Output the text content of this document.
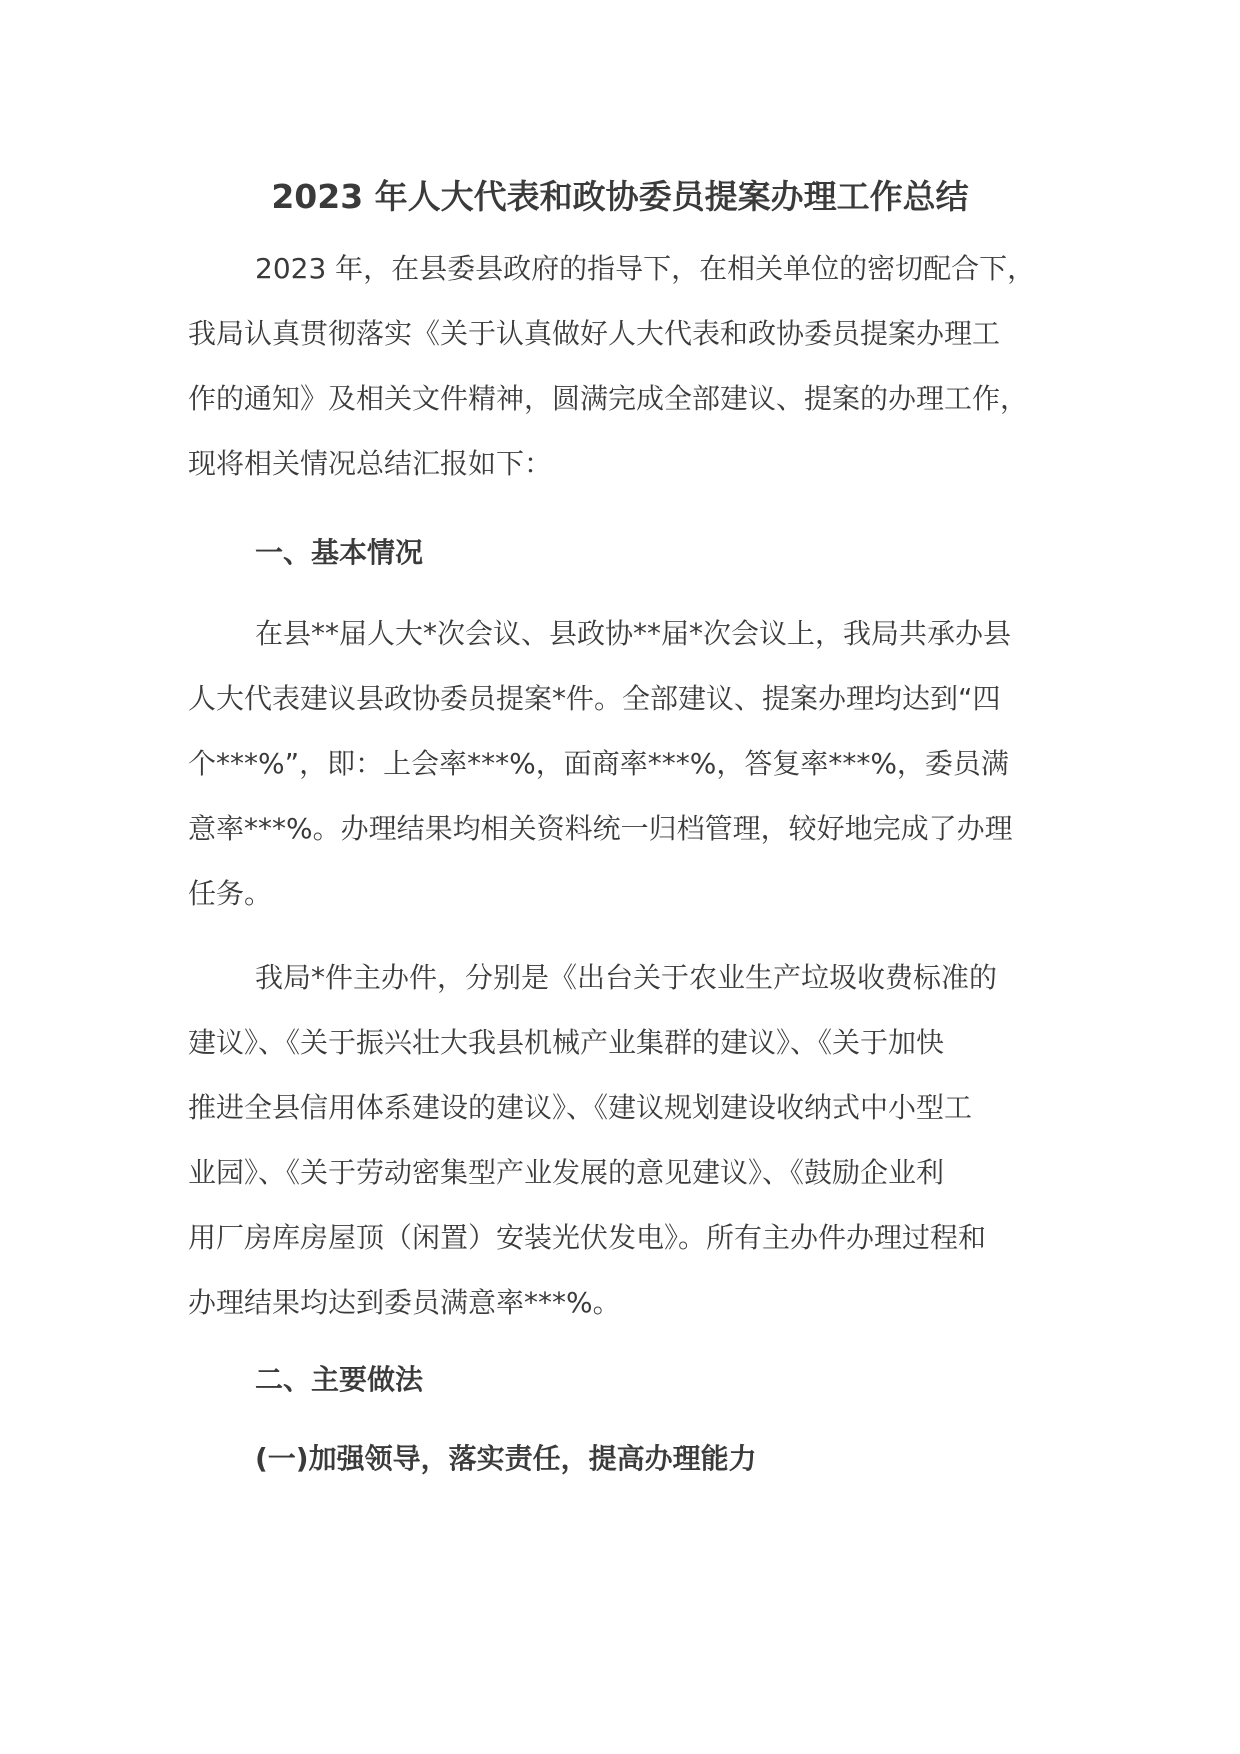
2023 年人大代表和政协委员提案办理工作总结
2023 年，在县委县政府的指导下，在相关单位的密切配合下，
我局认真贯彻落实《关于认真做好人大代表和政协委员提案办理工
作的通知》及相关文件精神，圆满完成全部建议、提案的办理工作，
现将相关情况总结汇报如下：
一、基本情况
在县**届人大*次会议、县政协**届*次会议上，我局共承办县
人大代表建议县政协委员提案*件。全部建议、提案办理均达到“四
个***%”，即：上会率***%，面商率***%，答复率***%，委员满
意率***%。办理结果均相关资料统一归档管理，较好地完成了办理
任务。
我局*件主办件，分别是《出台关于农业生产垃圾收费标准的
建议》、《关于振兴壮大我县机械产业集群的建议》、《关于加快
推进全县信用体系建设的建议》、《建议规划建设收纳式中小型工
业园》、《关于劳动密集型产业发展的意见建议》、《鼓励企业利
用厂房库房屋顶（闲置）安装光伏发电》。所有主办件办理过程和
办理结果均达到委员满意率***%。
二、主要做法
(一)加强领导，落实责任，提高办理能力
